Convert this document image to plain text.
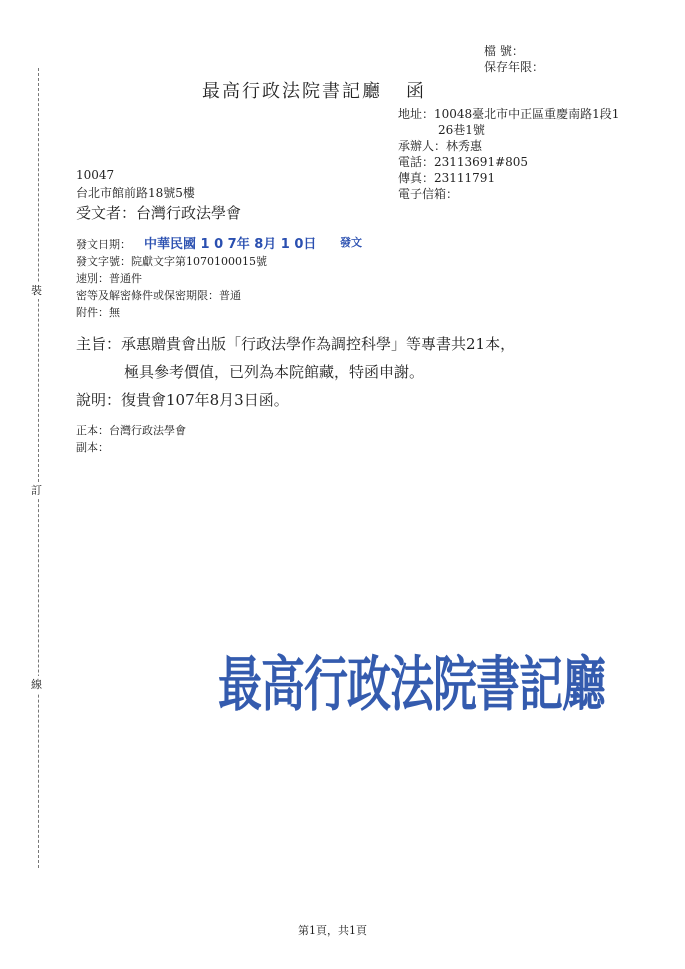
裝
訂
線
檔 號：
保存年限：
最高行政法院書記廳 函
地址：10048臺北市中正區重慶南路1段1
26巷1號
承辦人：林秀惠
電話：23113691#805
傳真：23111791
電子信箱：
10047
台北市館前路18號5樓
受文者：台灣行政法學會
發文日期： 中華民國 1 0 7年 8月 1 0日 發文
發文字號：院獻文字第1070100015號
速別：普通件
密等及解密條件或保密期限：普通
附件：無
主旨：承惠贈貴會出版「行政法學作為調控科學」等專書共21本，
極具參考價值，已列為本院館藏，特函申謝。
說明：復貴會107年8月3日函。
正本：台灣行政法學會
副本：
最高行政法院書記廳
第1頁，共1頁
